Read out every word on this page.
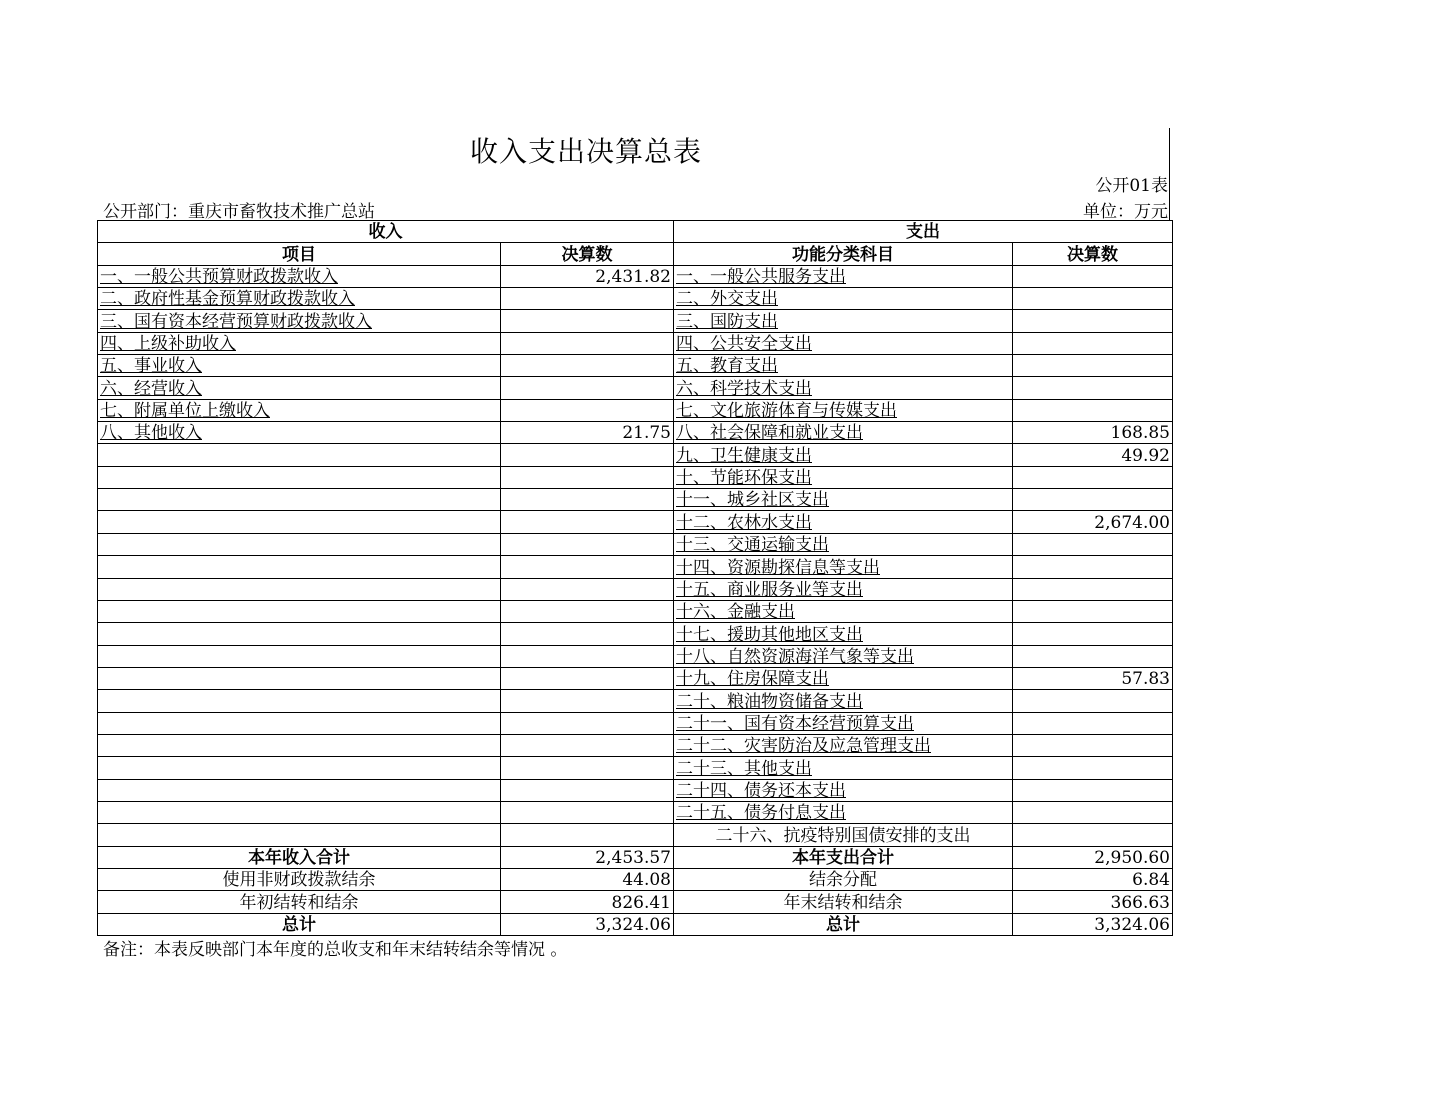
收入支出决算总表
公开01表
公开部门：重庆市畜牧技术推广总站	单位：万元
收入		支出	
项目	决算数	功能分类科目	决算数
一、一般公共预算财政拨款收入	2,431.82	一、一般公共服务支出	
二、政府性基金预算财政拨款收入		二、外交支出	
三、国有资本经营预算财政拨款收入		三、国防支出	
四、上级补助收入		四、公共安全支出	
五、事业收入		五、教育支出	
六、经营收入		六、科学技术支出	
七、附属单位上缴收入		七、文化旅游体育与传媒支出	
八、其他收入	21.75	八、社会保障和就业支出	168.85
		九、卫生健康支出	49.92
		十、节能环保支出	
		十一、城乡社区支出	
		十二、农林水支出	2,674.00
		十三、交通运输支出	
		十四、资源勘探信息等支出	
		十五、商业服务业等支出	
		十六、金融支出	
		十七、援助其他地区支出	
		十八、自然资源海洋气象等支出	
		十九、住房保障支出	57.83
		二十、粮油物资储备支出	
		二十一、国有资本经营预算支出	
		二十二、灾害防治及应急管理支出	
		二十三、其他支出	
		二十四、债务还本支出	
		二十五、债务付息支出	
		二十六、抗疫特别国债安排的支出	
本年收入合计	2,453.57	本年支出合计	2,950.60
使用非财政拨款结余	44.08	结余分配	6.84
年初结转和结余	826.41	年末结转和结余	366.63
总计	3,324.06	总计	3,324.06
备注：本表反映部门本年度的总收支和年末结转结余等情况 。
